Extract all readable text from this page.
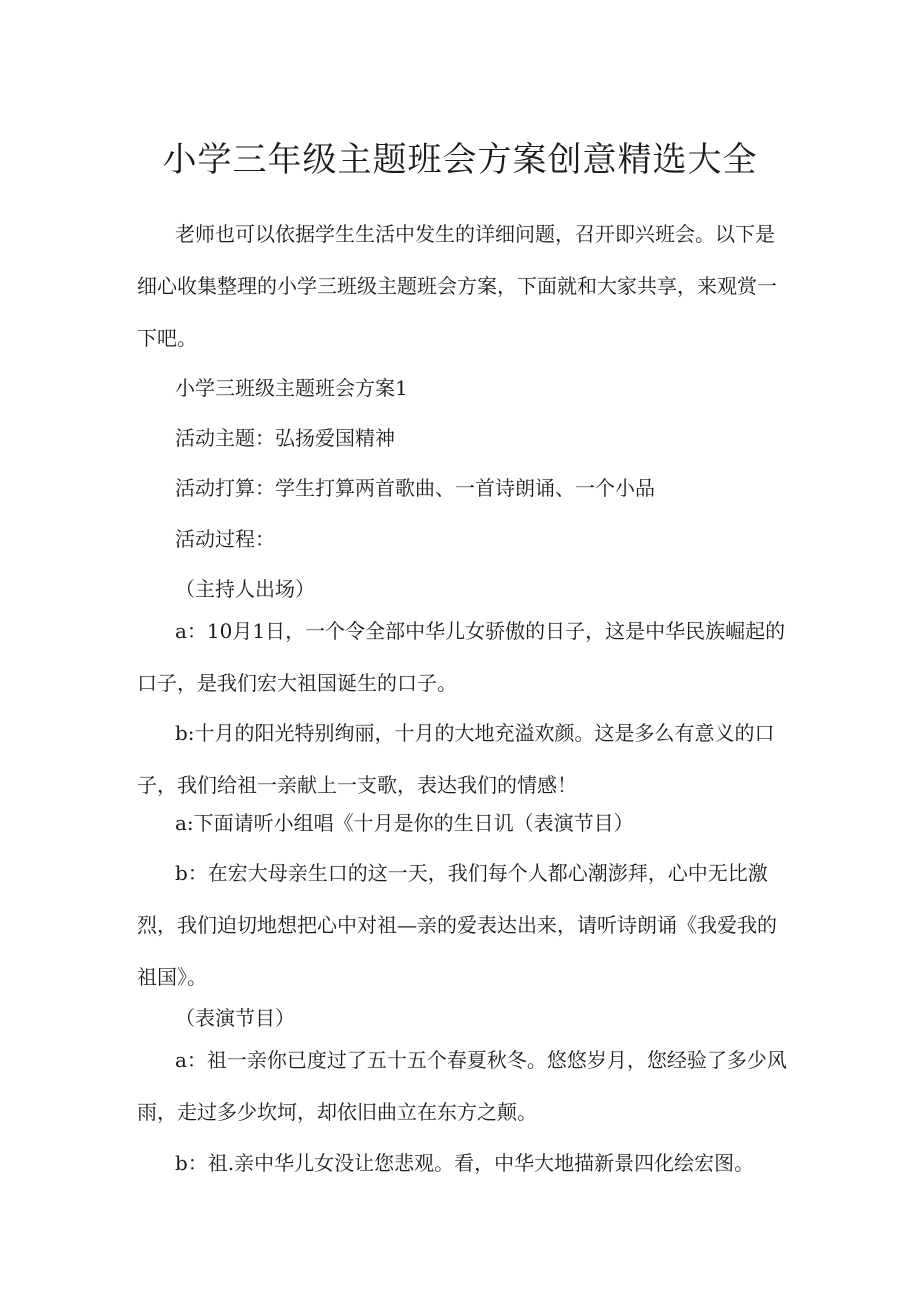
小学三年级主题班会方案创意精选大全

老师也可以依据学生生活中发生的详细问题，召开即兴班会。以下是细心收集整理的小学三班级主题班会方案，下面就和大家共享，来观赏一下吧。

小学三班级主题班会方案1

活动主题：弘扬爱国精神

活动打算：学生打算两首歌曲、一首诗朗诵、一个小品

活动过程：

（主持人出场）

a：10月1日，一个令全部中华儿女骄傲的日子，这是中华民族崛起的口子，是我们宏大祖国诞生的口子。

b:十月的阳光特别绚丽，十月的大地充溢欢颜。这是多么有意义的口子，我们给祖一亲献上一支歌，表达我们的情感！

a:下面请听小组唱《十月是你的生日讥（表演节目）

b：在宏大母亲生口的这一天，我们每个人都心潮澎拜，心中无比激烈，我们迫切地想把心中对祖—亲的爱表达出来，请听诗朗诵《我爱我的祖国》。

（表演节目）

a：祖一亲你已度过了五十五个春夏秋冬。悠悠岁月，您经验了多少风雨，走过多少坎坷，却依旧曲立在东方之颠。

b：祖.亲中华儿女没让您悲观。看，中华大地描新景四化绘宏图。
